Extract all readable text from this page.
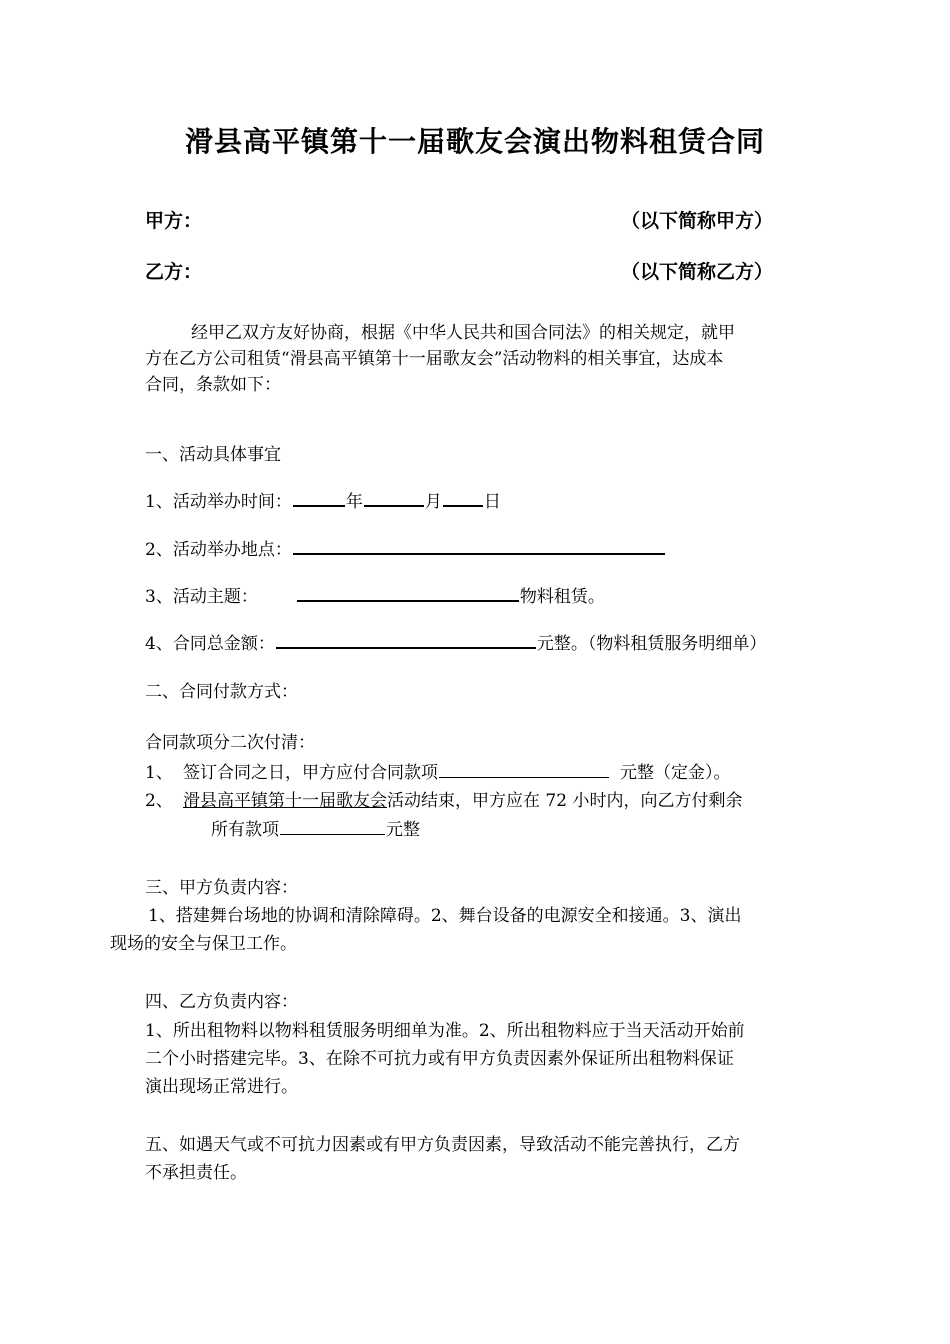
滑县高平镇第十一届歌友会演出物料租赁合同
甲方：	（以下简称甲方）
乙方：	（以下简称乙方）
经甲乙双方友好协商，根据《中华人民共和国合同法》的相关规定，就甲
方在乙方公司租赁“滑县高平镇第十一届歌友会”活动物料的相关事宜，达成本
合同，条款如下：
一、活动具体事宜
1、活动举办时间：	年	月 日
2、活动举办地点：
3、活动主题：	物料租赁。
4、合同总金额：	元整。（物料租赁服务明细单）
二、合同付款方式：
合同款项分二次付清：
1、 签订合同之日，甲方应付合同款项	元整（定金）。
2、 滑县高平镇第十一届歌友会活动结束，甲方应在 72 小时内，向乙方付剩余
所有款项	元整
三、甲方负责内容：
1、搭建舞台场地的协调和清除障碍。2、舞台设备的电源安全和接通。3、演出
现场的安全与保卫工作。
四、乙方负责内容：
1、所出租物料以物料租赁服务明细单为准。2、所出租物料应于当天活动开始前
二个小时搭建完毕。3、在除不可抗力或有甲方负责因素外保证所出租物料保证
演出现场正常进行。
五、如遇天气或不可抗力因素或有甲方负责因素，导致活动不能完善执行，乙方
不承担责任。
